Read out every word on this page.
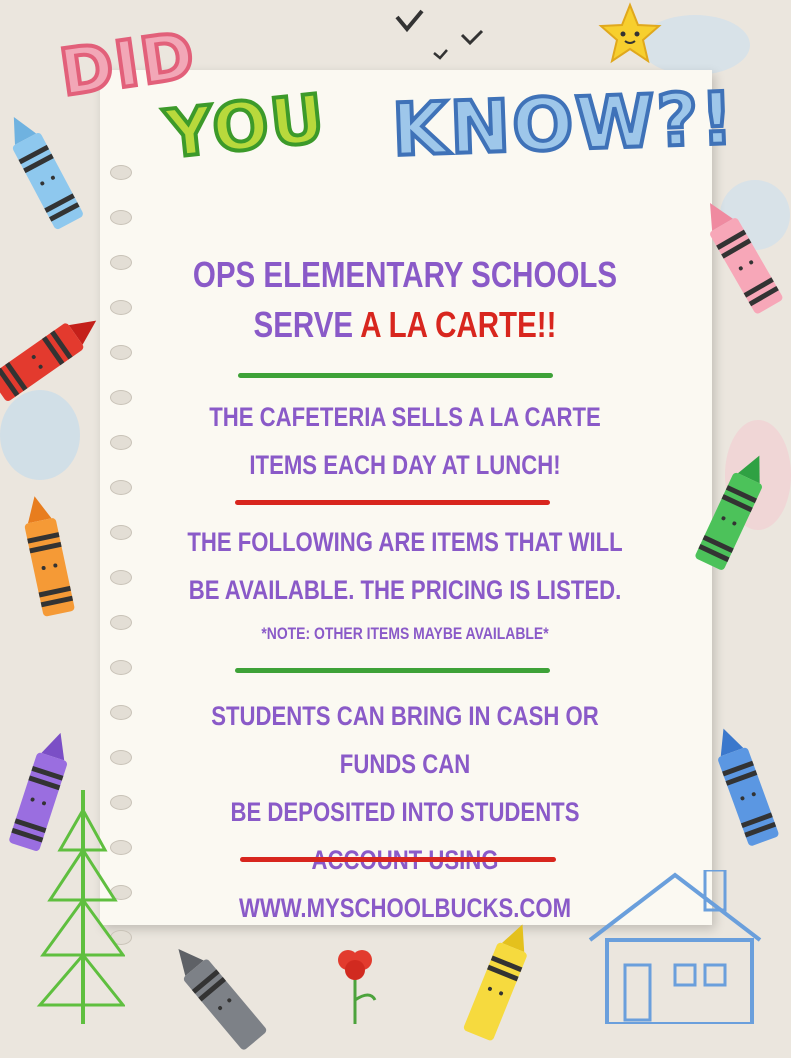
DID
YOU KNOW?!
OPS ELEMENTARY SCHOOLS
SERVE A LA CARTE!!
THE CAFETERIA SELLS A LA CARTE
ITEMS EACH DAY AT LUNCH!
THE FOLLOWING ARE ITEMS THAT WILL
BE AVAILABLE. THE PRICING IS LISTED.
*NOTE: OTHER ITEMS MAYBE AVAILABLE*
STUDENTS CAN BRING IN CASH OR FUNDS CAN
BE DEPOSITED INTO STUDENTS
WWW.MYSCHOOLBUCKS.COM
